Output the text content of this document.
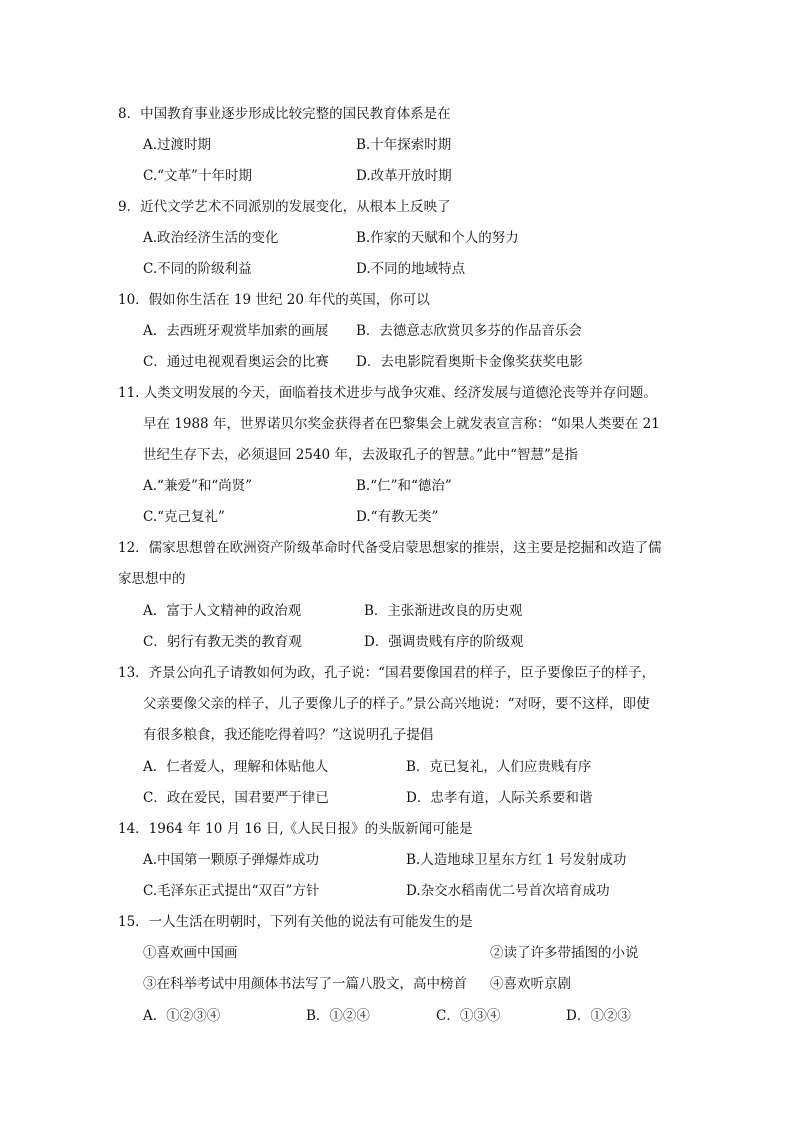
8．中国教育事业逐步形成比较完整的国民教育体系是在
A.过渡时期	B.十年探索时期
C.“文革”十年时期	D.改革开放时期
9．近代文学艺术不同派别的发展变化，从根本上反映了
A.政治经济生活的变化	B.作家的天赋和个人的努力
C.不同的阶级利益	D.不同的地域特点
10．假如你生活在 19 世纪 20 年代的英国，你可以
A．去西班牙观赏毕加索的画展 B．去德意志欣赏贝多芬的作品音乐会
C．通过电视观看奥运会的比赛 D．去电影院看奥斯卡金像奖获奖电影
11. 人类文明发展的今天，面临着技术进步与战争灾难、经济发展与道德沦丧等并存问题。
早在 1988 年，世界诺贝尔奖金获得者在巴黎集会上就发表宣言称：“如果人类要在 21
世纪生存下去，必须退回 2540 年，去汲取孔子的智慧。”此中“智慧”是指
A.“兼爱”和“尚贤”	B.“仁”和“德治”
C.“克己复礼”	D.“有教无类”
12．儒家思想曾在欧洲资产阶级革命时代备受启蒙思想家的推崇，这主要是挖掘和改造了儒
家思想中的
A．富于人文精神的政治观	B．主张渐进改良的历史观
C．躬行有教无类的教育观	D．强调贵贱有序的阶级观
13．齐景公向孔子请教如何为政，孔子说：“国君要像国君的样子，臣子要像臣子的样子，
父亲要像父亲的样子，儿子要像儿子的样子。”景公高兴地说：“对呀，要不这样，即使
有很多粮食，我还能吃得着吗？”这说明孔子提倡
A．仁者爱人，理解和体贴他人	B．克已复礼，人们应贵贱有序
C．政在爱民，国君要严于律已	D．忠孝有道，人际关系要和谐
14．1964 年 10 月 16 日,《人民日报》的头版新闻可能是
A.中国第一颗原子弹爆炸成功	B.人造地球卫星东方红 1 号发射成功
C.毛泽东正式提出“双百”方针	D.杂交水稻南优二号首次培育成功
15．一人生活在明朝时，下列有关他的说法有可能发生的是
①喜欢画中国画	②读了许多带插图的小说
③在科举考试中用颜体书法写了一篇八股文，高中榜首 ④喜欢听京剧
A．①②③④	B．①②④	C．①③④	D．①②③
